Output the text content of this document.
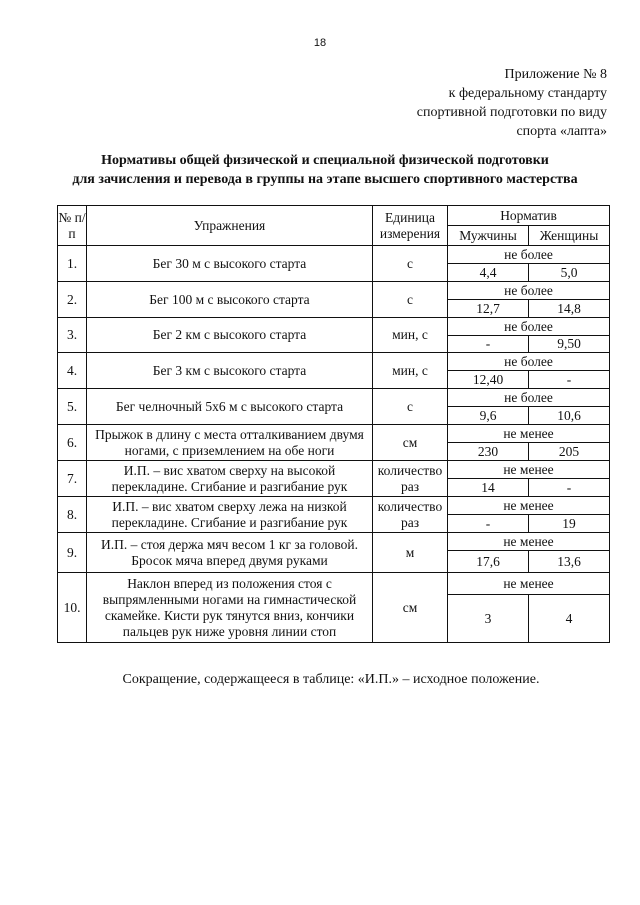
18
Приложение № 8
к федеральному стандарту
спортивной подготовки по виду
спорта «лапта»
Нормативы общей физической и специальной физической подготовки
для зачисления и перевода в группы на этапе высшего спортивного мастерства
№ п/п	Упражнения	Единица измерения	Норматив	
			Мужчины	Женщины
1.	Бег 30 м с высокого старта	с	не более	
			4,4	5,0
2.	Бег 100 м с высокого старта	с	не более	
			12,7	14,8
3.	Бег 2 км с высокого старта	мин, с	не более	
			-	9,50
4.	Бег 3 км с высокого старта	мин, с	не более	
			12,40	-
5.	Бег челночный 5х6 м с высокого старта	с	не более	
			9,6	10,6
6.	Прыжок в длину с места отталкиванием двумя ногами, с приземлением на обе ноги	см	не менее	
			230	205
7.	И.П. – вис хватом сверху на высокой перекладине. Сгибание и разгибание рук	количество раз	не менее	
			14	-
8.	И.П. – вис хватом сверху лежа на низкой перекладине. Сгибание и разгибание рук	количество раз	не менее	
			-	19
9.	И.П. – стоя держа мяч весом 1 кг за головой. Бросок мяча вперед двумя руками	м	не менее	
			17,6	13,6
10.	Наклон вперед из положения стоя с выпрямленными ногами на гимнастической скамейке. Кисти рук тянутся вниз, кончики пальцев рук ниже уровня линии стоп	см	не менее	
			3	4
Сокращение, содержащееся в таблице: «И.П.» – исходное положение.
